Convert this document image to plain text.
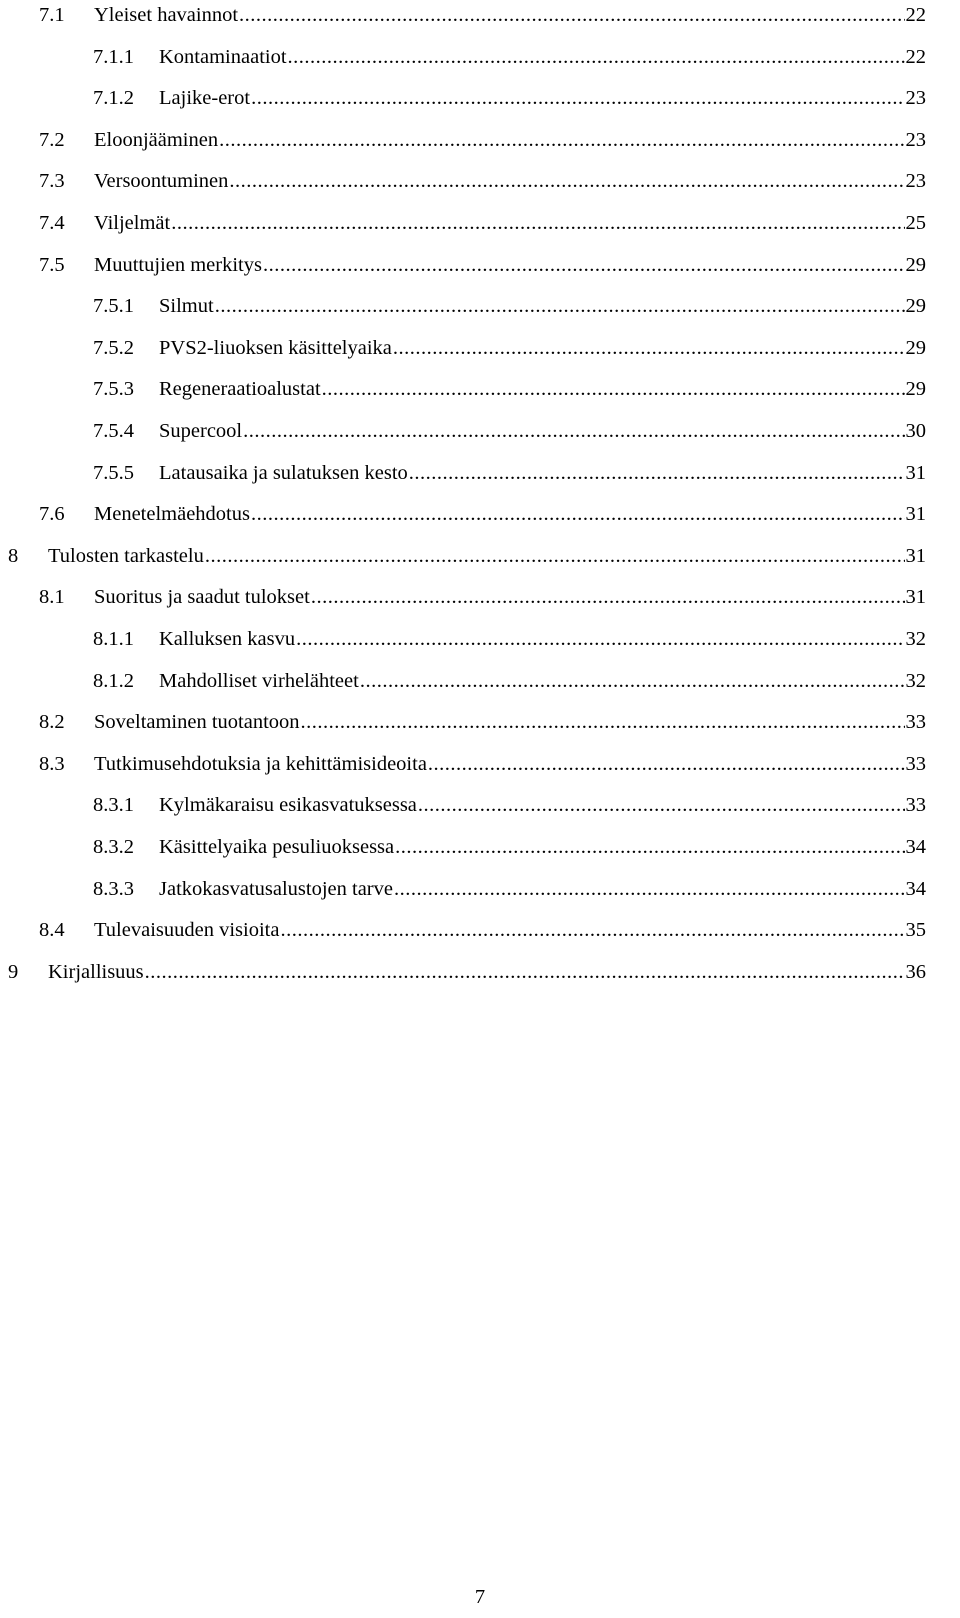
7.1	Yleiset havainnot .....	22
7.1.1	Kontaminaatiot .....	22
7.1.2	Lajike-erot .....	23
7.2	Eloonjääminen .....	23
7.3	Versoontuminen .....	23
7.4	Viljelmät .....	25
7.5	Muuttujien merkitys .....	29
7.5.1	Silmut .....	29
7.5.2	PVS2-liuoksen käsittelyaika .....	29
7.5.3	Regeneraatioalustat .....	29
7.5.4	Supercool .....	30
7.5.5	Latausaika ja sulatuksen kesto .....	31
7.6	Menetelmäehdotus .....	31
8	Tulosten tarkastelu .....	31
8.1	Suoritus ja saadut tulokset .....	31
8.1.1	Kalluksen kasvu .....	32
8.1.2	Mahdolliset virhelähteet .....	32
8.2	Soveltaminen tuotantoon .....	33
8.3	Tutkimusehdotuksia ja kehittämisideoita .....	33
8.3.1	Kylmäkaraisu esikasvatuksessa .....	33
8.3.2	Käsittelyaika pesuliuoksessa .....	34
8.3.3	Jatkokasvatusalustojen tarve .....	34
8.4	Tulevaisuuden visioita .....	35
9	Kirjallisuus .....	36
7
